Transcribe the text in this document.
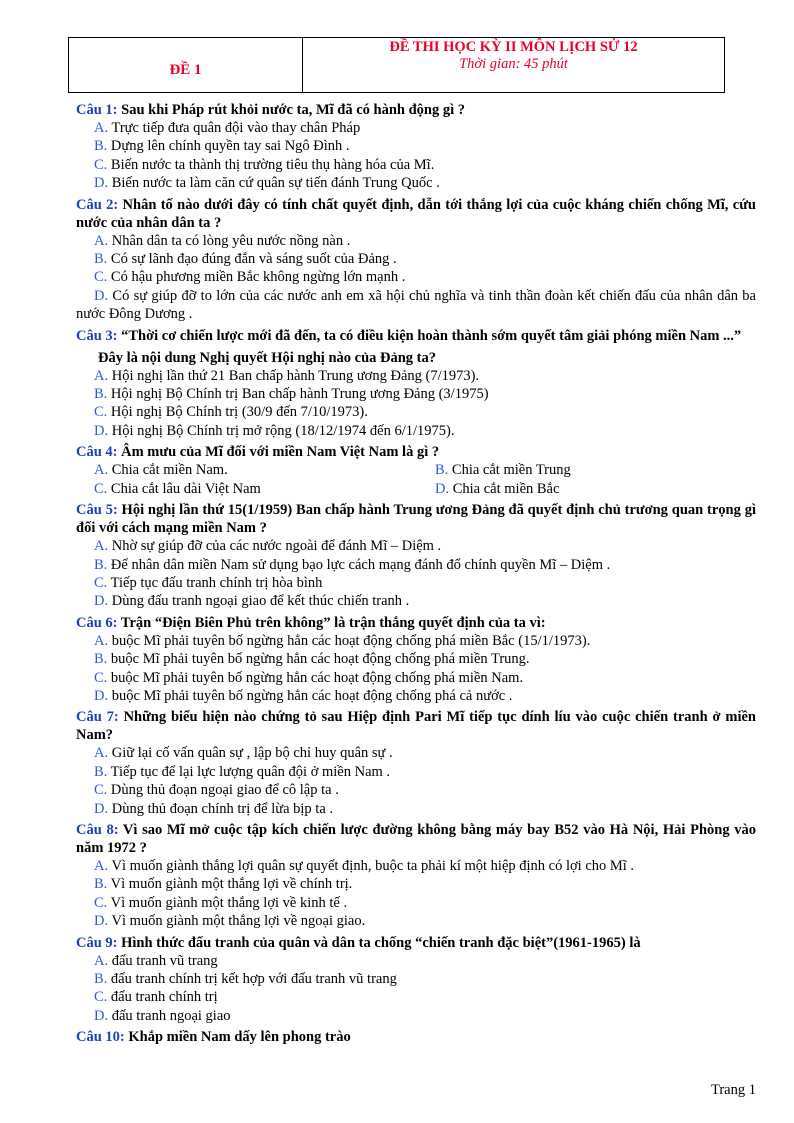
ĐỀ 1
ĐỀ THI HỌC KỲ II MÔN LỊCH SỬ 12
Thời gian: 45 phút
Câu 1: Sau khi Pháp rút khỏi nước ta, Mĩ đã có hành động gì ?
A. Trực tiếp đưa quân đội vào thay chân Pháp
B. Dựng lên chính quyền tay sai Ngô Đình .
C. Biến nước ta thành thị trường tiêu thụ hàng hóa của Mĩ.
D. Biến nước ta làm căn cứ quân sự tiến đánh Trung Quốc .
Câu 2: Nhân tố nào dưới đây có tính chất quyết định, dẫn tới thắng lợi của cuộc kháng chiến chống Mĩ, cứu nước của nhân dân ta ?
A. Nhân dân ta có lòng yêu nước nồng nàn .
B. Có sự lãnh đạo đúng đắn và sáng suốt của Đảng .
C. Có hậu phương miền Bắc không ngừng lớn mạnh .
D. Có sự giúp đỡ to lớn của các nước anh em xã hội chủ nghĩa và tinh thần đoàn kết chiến đấu của nhân dân ba nước Đông Dương .
Câu 3: “Thời cơ chiến lược mới đã đến, ta có điều kiện hoàn thành sớm quyết tâm giải phóng miền Nam ...”
Đây là nội dung Nghị quyết Hội nghị nào của Đảng ta?
A. Hội nghị lần thứ 21 Ban chấp hành Trung ương Đảng (7/1973).
B. Hội nghị Bộ Chính trị Ban chấp hành Trung ương Đảng (3/1975)
C. Hội nghị Bộ Chính trị (30/9 đến 7/10/1973).
D. Hội nghị Bộ Chính trị mở rộng (18/12/1974 đến 6/1/1975).
Câu 4: Âm mưu của Mĩ đối với miền Nam Việt Nam là gì ?
A. Chia cắt miền Nam.	B. Chia cắt miền Trung
C. Chia cắt lâu dài Việt Nam	D. Chia cắt miền Bắc
Câu 5: Hội nghị lần thứ 15(1/1959) Ban chấp hành Trung ương Đảng đã quyết định chủ trương quan trọng gì đối với cách mạng miền Nam ?
A. Nhờ sự giúp đỡ của các nước ngoài để đánh Mĩ – Diệm .
B. Để nhân dân miền Nam sử dụng bạo lực cách mạng đánh đổ chính quyền Mĩ – Diệm .
C. Tiếp tục đấu tranh chính trị hòa bình
D. Dùng đấu tranh ngoại giao để kết thúc chiến tranh .
Câu 6: Trận “Điện Biên Phủ trên không” là trận thắng quyết định của ta vì:
A. buộc Mĩ phải tuyên bố ngừng hẳn các hoạt động chống phá miền Bắc (15/1/1973).
B. buộc Mĩ phải tuyên bố ngừng hẳn các hoạt động chống phá miền Trung.
C. buộc Mĩ phải tuyên bố ngừng hẳn các hoạt động chống phá miền Nam.
D. buộc Mĩ phải tuyên bố ngừng hẳn các hoạt động chống phá cả nước .
Câu 7: Những biểu hiện nào chứng tỏ sau Hiệp định Pari Mĩ tiếp tục dính líu vào cuộc chiến tranh ở miền Nam?
A. Giữ lại cố vấn quân sự , lập bộ chỉ huy quân sự .
B. Tiếp tục để lại lực lượng quân đội ở miền Nam .
C. Dùng thủ đoạn ngoại giao để cô lập ta .
D. Dùng thủ đoạn chính trị để lừa bịp ta .
Câu 8: Vì sao Mĩ mở cuộc tập kích chiến lược đường không bằng máy bay B52 vào Hà Nội, Hải Phòng vào năm 1972 ?
A. Vì muốn giành thắng lợi quân sự quyết định, buộc ta phải kí một hiệp định có lợi cho Mĩ .
B. Vì muốn giành một thắng lợi về chính trị.
C. Vì muốn giành một thắng lợi về kinh tế .
D. Vì muốn giành một thắng lợi về ngoại giao.
Câu 9: Hình thức đấu tranh của quân và dân ta chống “chiến tranh đặc biệt”(1961-1965) là
A. đấu tranh vũ trang
B. đấu tranh chính trị kết hợp với đấu tranh vũ trang
C. đấu tranh chính trị
D. đấu tranh ngoại giao
Câu 10: Khắp miền Nam dấy lên phong trào
Trang 1
